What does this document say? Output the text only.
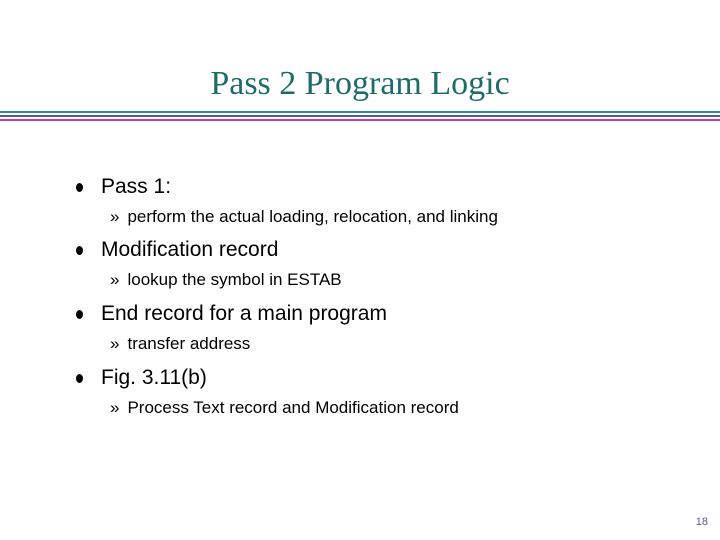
Pass 2 Program Logic
Pass 1:
» perform the actual loading, relocation, and linking
Modification record
» lookup the symbol in ESTAB
End record for a main program
» transfer address
Fig. 3.11(b)
» Process Text record and Modification record
18
